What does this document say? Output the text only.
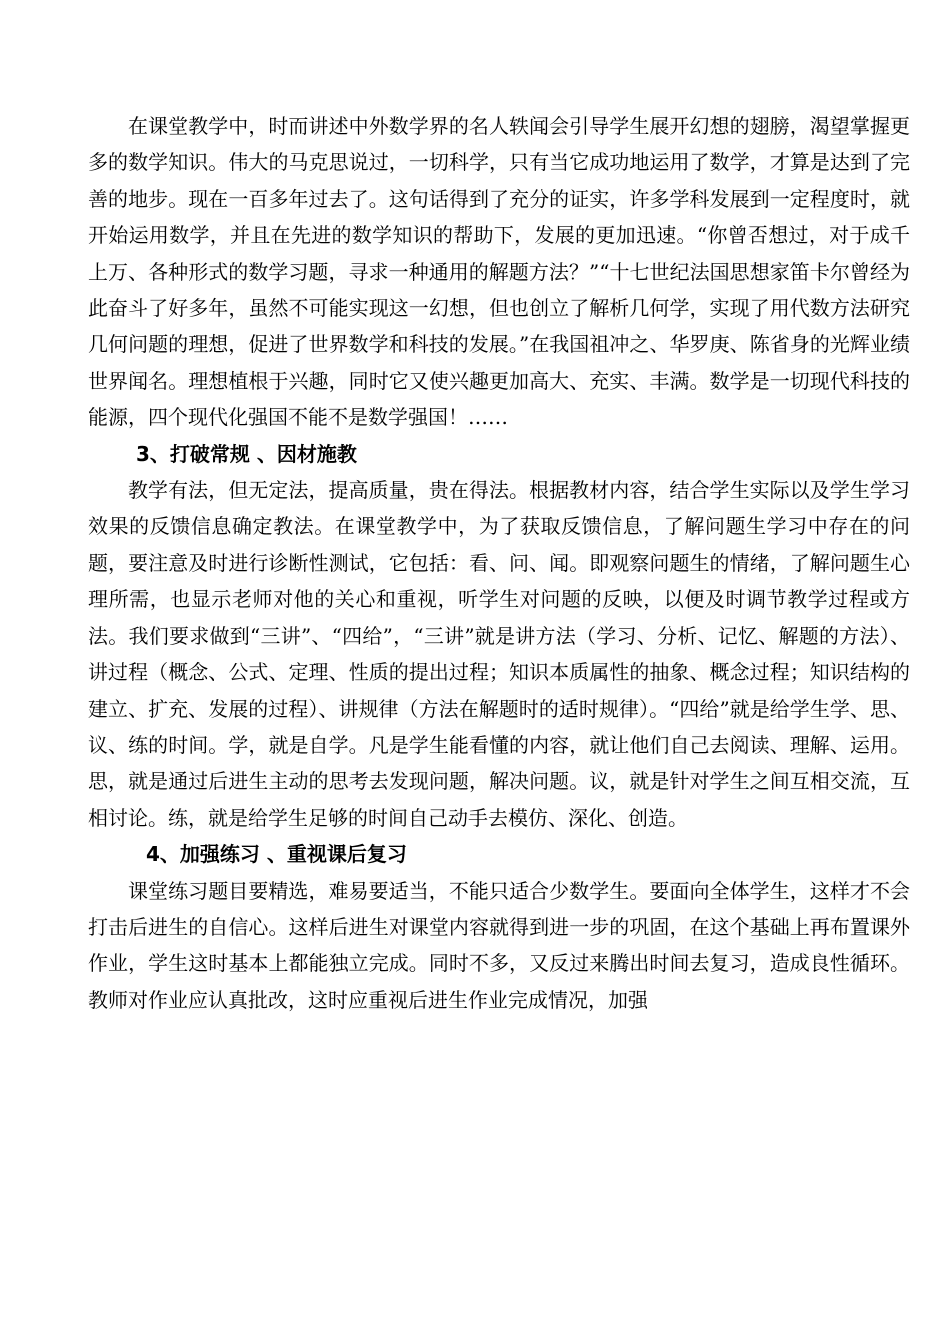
在课堂教学中，时而讲述中外数学界的名人轶闻会引导学生展开幻想的翅膀，渴望掌握更多的数学知识。伟大的马克思说过，一切科学，只有当它成功地运用了数学，才算是达到了完善的地步。现在一百多年过去了。这句话得到了充分的证实，许多学科发展到一定程度时，就开始运用数学，并且在先进的数学知识的帮助下，发展的更加迅速。“你曾否想过，对于成千上万、各种形式的数学习题，寻求一种通用的解题方法？”“十七世纪法国思想家笛卡尔曾经为此奋斗了好多年，虽然不可能实现这一幻想，但也创立了解析几何学，实现了用代数方法研究几何问题的理想，促进了世界数学和科技的发展。”在我国祖冲之、华罗庚、陈省身的光辉业绩世界闻名。理想植根于兴趣，同时它又使兴趣更加高大、充实、丰满。数学是一切现代科技的能源，四个现代化强国不能不是数学强国！……

3、打破常规 、因材施教

教学有法，但无定法，提高质量，贵在得法。根据教材内容，结合学生实际以及学生学习效果的反馈信息确定教法。在课堂教学中，为了获取反馈信息，了解问题生学习中存在的问题，要注意及时进行诊断性测试，它包括：看、问、闻。即观察问题生的情绪，了解问题生心理所需，也显示老师对他的关心和重视，听学生对问题的反映，以便及时调节教学过程或方法。我们要求做到“三讲”、“四给”，“三讲”就是讲方法（学习、分析、记忆、解题的方法）、讲过程（概念、公式、定理、性质的提出过程；知识本质属性的抽象、概念过程；知识结构的建立、扩充、发展的过程）、讲规律（方法在解题时的适时规律）。“四给”就是给学生学、思、议、练的时间。学，就是自学。凡是学生能看懂的内容，就让他们自己去阅读、理解、运用。思，就是通过后进生主动的思考去发现问题，解决问题。议，就是针对学生之间互相交流，互相讨论。练，就是给学生足够的时间自己动手去模仿、深化、创造。

4、加强练习 、重视课后复习

课堂练习题目要精选，难易要适当，不能只适合少数学生。要面向全体学生，这样才不会打击后进生的自信心。这样后进生对课堂内容就得到进一步的巩固，在这个基础上再布置课外作业，学生这时基本上都能独立完成。同时不多，又反过来腾出时间去复习，造成良性循环。教师对作业应认真批改，这时应重视后进生作业完成情况，加强
